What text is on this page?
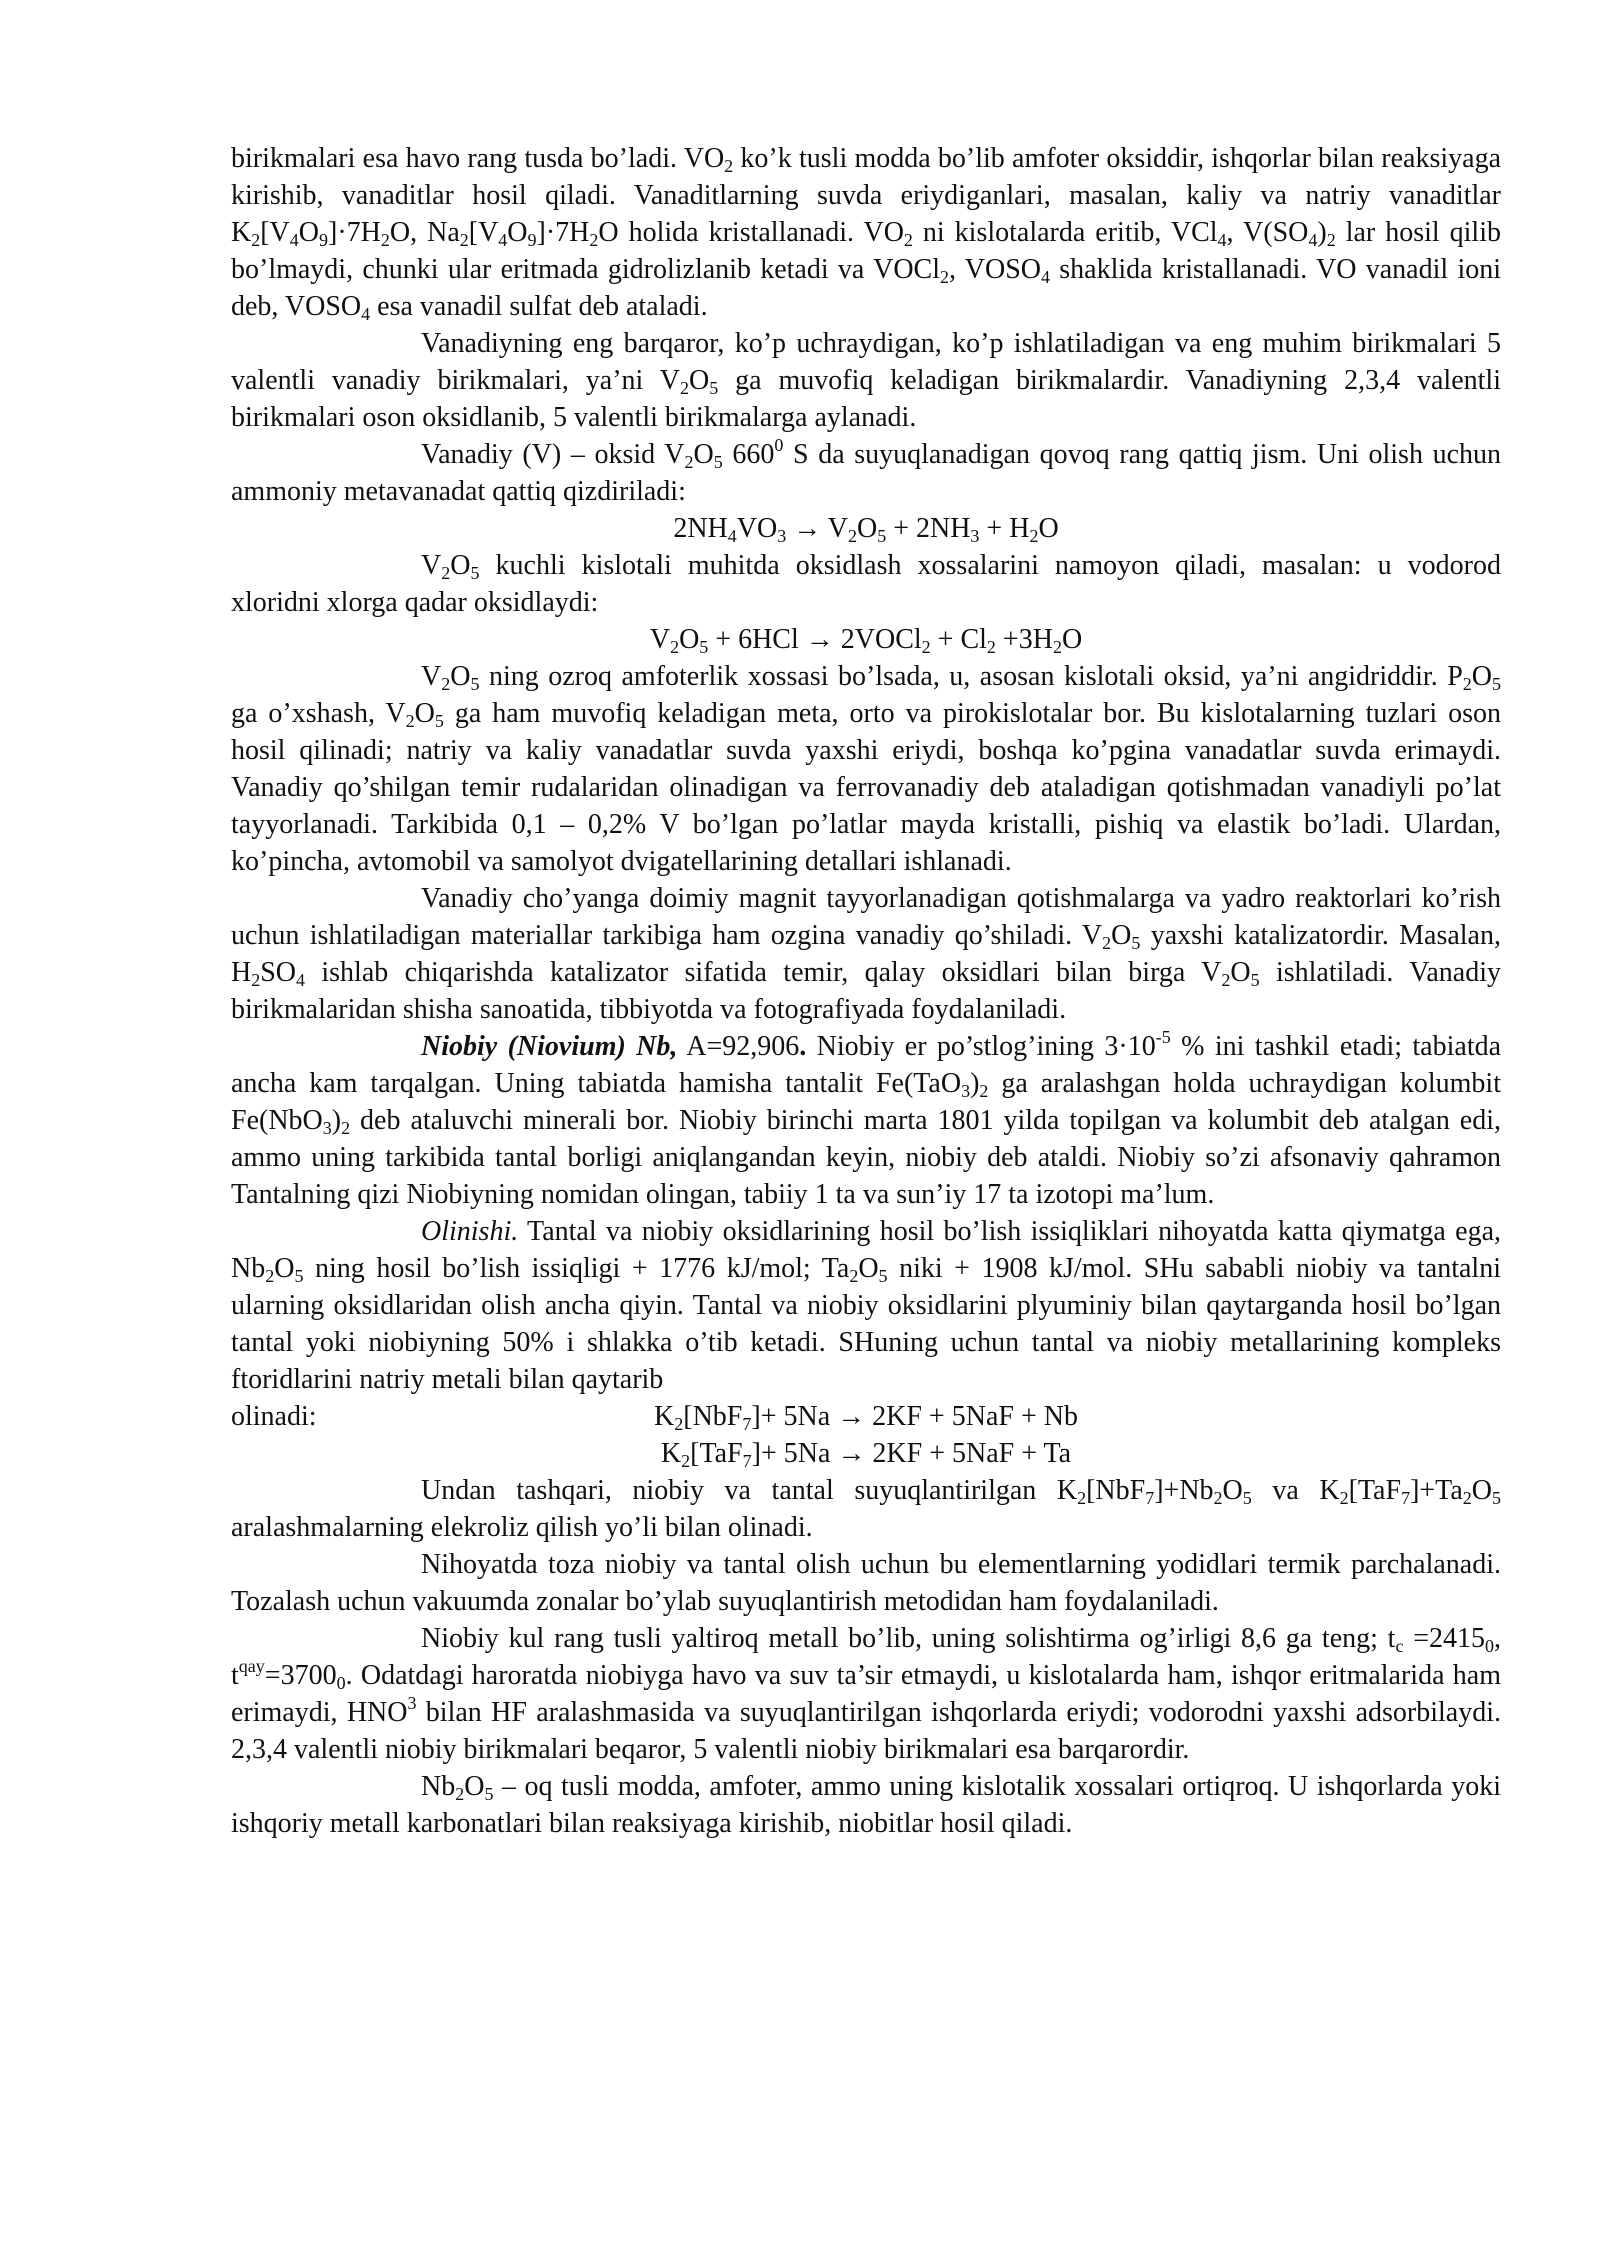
birikmalari esa havo rang tusda bo’ladi. $VO_2$ ko’k tusli modda bo’lib amfoter oksiddir, ishqorlar bilan reaksiyaga kirishib, vanaditlar hosil qiladi. Vanaditlarning suvda eriydiganlari, masalan, kaliy va natriy vanaditlar $K_2[V_4O_9]\cdot 7H_2O$, $Na_2[V_4O_9]\cdot 7H_2O$ holida kristallanadi. $VO_2$ ni kislotalarda eritib, VCl$_4$, $V(SO_4)_2$ lar hosil qilib bo’lmaydi, chunki ular eritmada gidrolizlanib ketadi va VOCl$_2$, $VOSO_4$ shaklida kristallanadi. VO vanadil ioni deb, $VOSO_4$ esa vanadil sulfat deb ataladi.

Vanadiyning eng barqaror, ko’p uchraydigan, ko’p ishlatiladigan va eng muhim birikmalari 5 valentli vanadiy birikmalari, ya’ni $V_2O_5$ ga muvofiq keladigan birikmalardir. Vanadiyning 2,3,4 valentli birikmalari oson oksidlanib, 5 valentli birikmalarga aylanadi.

Vanadiy (V) – oksid $V_2O_5$ $660^0$ S da suyuqlanadigan qovoq rang qattiq jism. Uni olish uchun ammoniy metavanadat qattiq qizdiriladi:

$2NH_4VO_3 \to V_2O_5 + 2NH_3 + H_2O$

$V_2O_5$ kuchli kislotali muhitda oksidlash xossalarini namoyon qiladi, masalan: u vodorod xloridni xlorga qadar oksidlaydi:

$V_2O_5 + 6HCl$ → 2VOCl$_2$ + $Cl_2 +3H_2O$

$V_2O_5$ ning ozroq amfoterlik xossasi bo’lsada, u, asosan kislotali oksid, ya’ni angidriddir. $P_2O_5$ ga o’xshash, $V_2O_5$ ga ham muvofiq keladigan meta, orto va pirokislotalar bor. Bu kislotalarning tuzlari oson hosil qilinadi; natriy va kaliy vanadatlar suvda yaxshi eriydi, boshqa ko’pgina vanadatlar suvda erimaydi. Vanadiy qo’shilgan temir rudalaridan olinadigan va ferrovanadiy deb ataladigan qotishmadan vanadiyli po’lat tayyorlanadi. Tarkibida 0,1 – 0,2% V bo’lgan po’latlar mayda kristalli, pishiq va elastik bo’ladi. Ulardan, ko’pincha, avtomobil va samolyot dvigatellarining detallari ishlanadi.

Vanadiy cho’yanga doimiy magnit tayyorlanadigan qotishmalarga va yadro reaktorlari ko’rish uchun ishlatiladigan materiallar tarkibiga ham ozgina vanadiy qo’shiladi. $V_2O_5$ yaxshi katalizatordir. Masalan, $H_2SO_4$ ishlab chiqarishda katalizator sifatida temir, qalay oksidlari bilan birga $V_2O_5$ ishlatiladi. Vanadiy birikmalaridan shisha sanoatida, tibbiyotda va fotografiyada foydalaniladi.

Niobiy (Niovium) Nb, A=92,906. Niobiy er po’stlog’ining $3\cdot 10^{-5}$ % ini tashkil etadi; tabiatda ancha kam tarqalgan. Uning tabiatda hamisha tantalit $Fe(TaO_3)_2$ ga aralashgan holda uchraydigan kolumbit $Fe(NbO_3)_2$ deb ataluvchi minerali bor. Niobiy birinchi marta 1801 yilda topilgan va kolumbit deb atalgan edi, ammo uning tarkibida tantal borligi aniqlangandan keyin, niobiy deb ataldi. Niobiy so’zi afsonaviy qahramon Tantalning qizi Niobiyning nomidan olingan, tabiiy 1 ta va sun’iy 17 ta izotopi ma’lum.

Olinishi. Tantal va niobiy oksidlarining hosil bo’lish issiqliklari nihoyatda katta qiymatga ega, $Nb_2O_5$ ning hosil bo’lish issiqligi + 1776 kJ/mol; $Ta_2O_5$ niki + 1908 kJ/mol. SHu sababli niobiy va tantalni ularning oksidlaridan olish ancha qiyin. Tantal va niobiy oksidlarini plyuminiy bilan qaytarganda hosil bo’lgan tantal yoki niobiyning 50% i shlakka o’tib ketadi. SHuning uchun tantal va niobiy metallarining kompleks ftoridlarini natriy metali bilan qaytarib

olinadi:	$K_2[NbF_7]+ 5Na \to 2KF + 5NaF + Nb$

$K_2[TaF_7]+ 5Na \to 2KF + 5NaF + Ta$

Undan tashqari, niobiy va tantal suyuqlantirilgan $K_2[NbF_7]+Nb_2O_5$ va $K_2[TaF_7]+Ta_2O_5$ aralashmalarning elekroliz qilish yo’li bilan olinadi.

Nihoyatda toza niobiy va tantal olish uchun bu elementlarning yodidlari termik parchalanadi. Tozalash uchun vakuumda zonalar bo’ylab suyuqlantirish metodidan ham foydalaniladi.

Niobiy kul rang tusli yaltiroq metall bo’lib, uning solishtirma og’irligi 8,6 ga teng; $t_c =2415_0$, $t^{qay}=3700_0$. Odatdagi haroratda niobiyga havo va suv ta’sir etmaydi, u kislotalarda ham, ishqor eritmalarida ham erimaydi, HNO$^3$ bilan HF aralashmasida va suyuqlantirilgan ishqorlarda eriydi; vodorodni yaxshi adsorbilaydi. 2,3,4 valentli niobiy birikmalari beqaror, 5 valentli niobiy birikmalari esa barqarordir.

$Nb_2O_5$ – oq tusli modda, amfoter, ammo uning kislotalik xossalari ortiqroq. U ishqorlarda yoki ishqoriy metall karbonatlari bilan reaksiyaga kirishib, niobitlar hosil qiladi.
